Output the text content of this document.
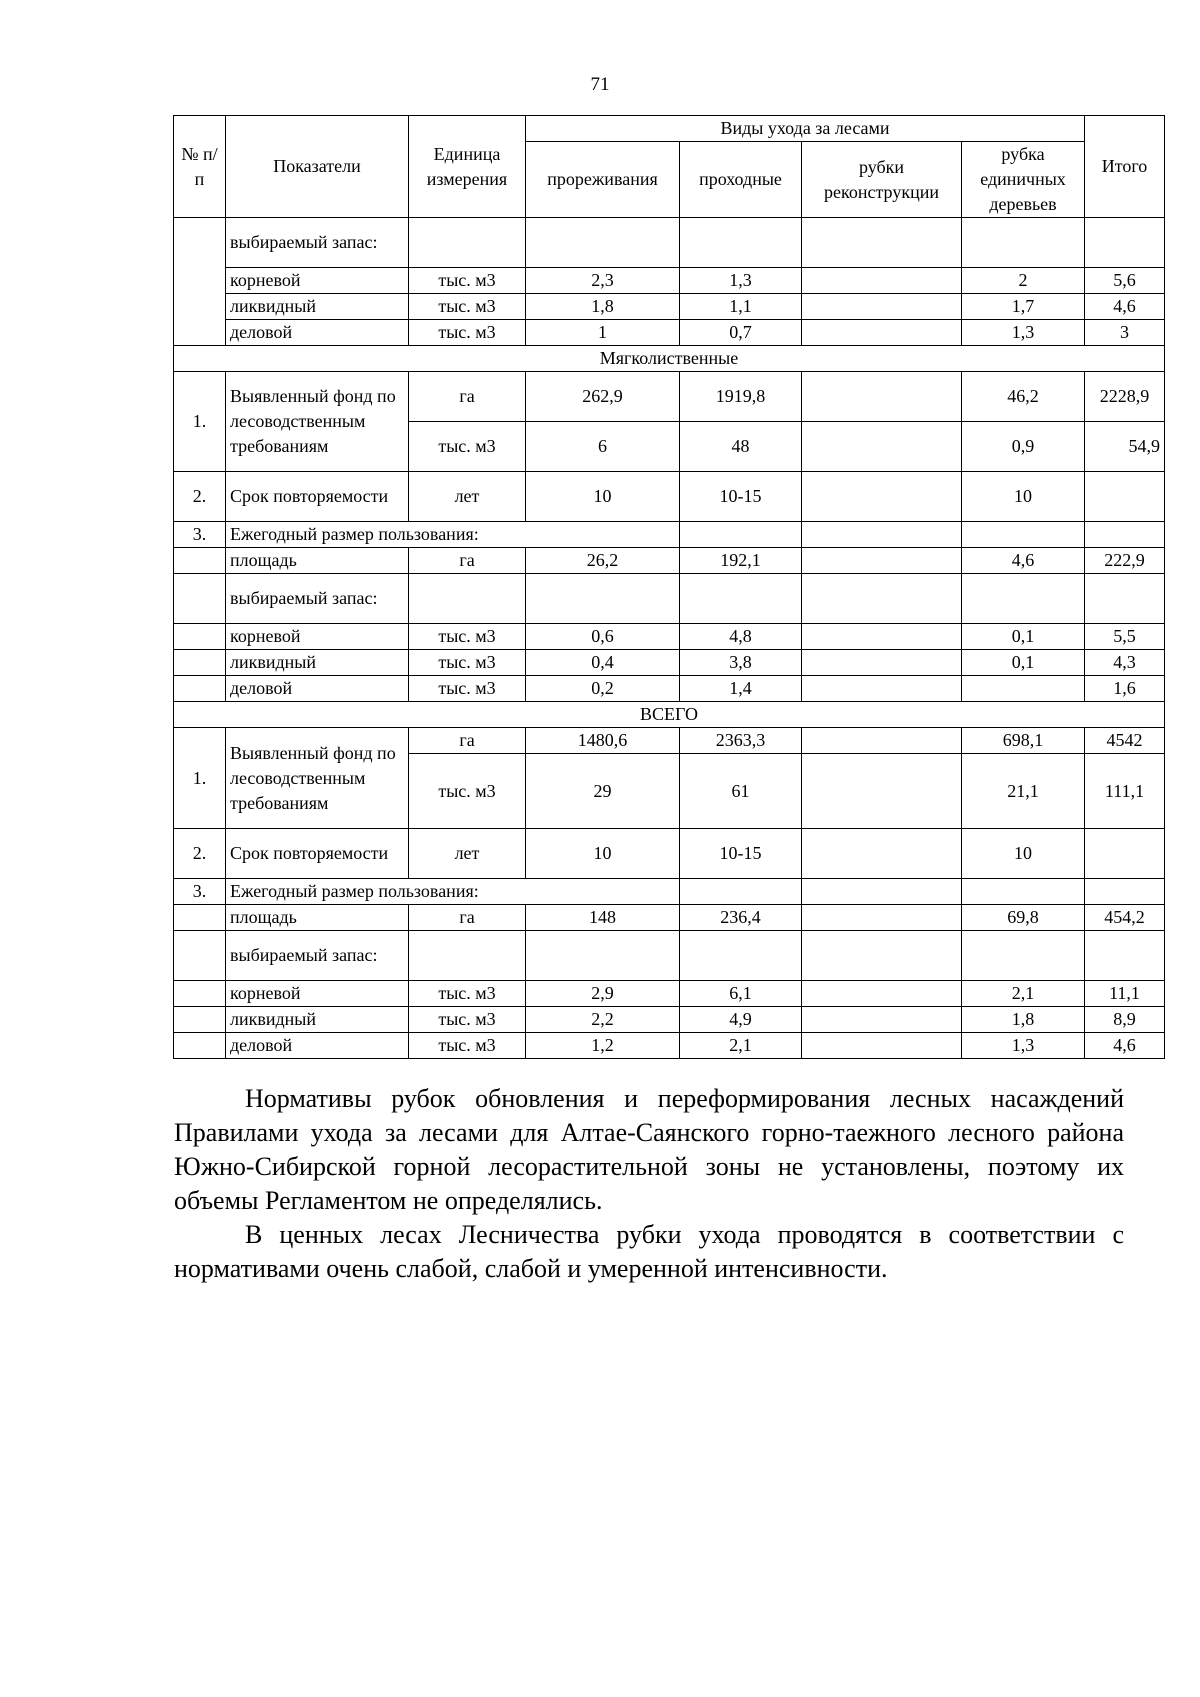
71
№ п/п	Показатели	Единица измерения	Виды ухода за лесами				Итого
			прореживания	проходные	рубки реконструкции	рубка единичных деревьев	
	выбираемый запас:						
	корневой	тыс. м3	2,3	1,3		2	5,6
	ликвидный	тыс. м3	1,8	1,1		1,7	4,6
	деловой	тыс. м3	1	0,7		1,3	3
Мягколиственные							
1.	Выявленный фонд по лесоводственным требованиям	га	262,9	1919,8		46,2	2228,9
		тыс. м3	6	48		0,9	54,9
2.	Срок повторяемости	лет	10	10-15		10	
3.	Ежегодный размер пользования:						
	площадь	га	26,2	192,1		4,6	222,9
	выбираемый запас:						
	корневой	тыс. м3	0,6	4,8		0,1	5,5
	ликвидный	тыс. м3	0,4	3,8		0,1	4,3
	деловой	тыс. м3	0,2	1,4			1,6
ВСЕГО							
1.	Выявленный фонд по лесоводственным требованиям	га	1480,6	2363,3		698,1	4542
		тыс. м3	29	61		21,1	111,1
2.	Срок повторяемости	лет	10	10-15		10	
3.	Ежегодный размер пользования:						
	площадь	га	148	236,4		69,8	454,2
	выбираемый запас:						
	корневой	тыс. м3	2,9	6,1		2,1	11,1
	ликвидный	тыс. м3	2,2	4,9		1,8	8,9
	деловой	тыс. м3	1,2	2,1		1,3	4,6

Нормативы рубок обновления и переформирования лесных насаждений Правилами ухода за лесами для Алтае-Саянского горно-таежного лесного района Южно-Сибирской горной лесорастительной зоны не установлены, поэтому их объемы Регламентом не определялись.

В ценных лесах Лесничества рубки ухода проводятся в соответствии с нормативами очень слабой, слабой и умеренной интенсивности.
